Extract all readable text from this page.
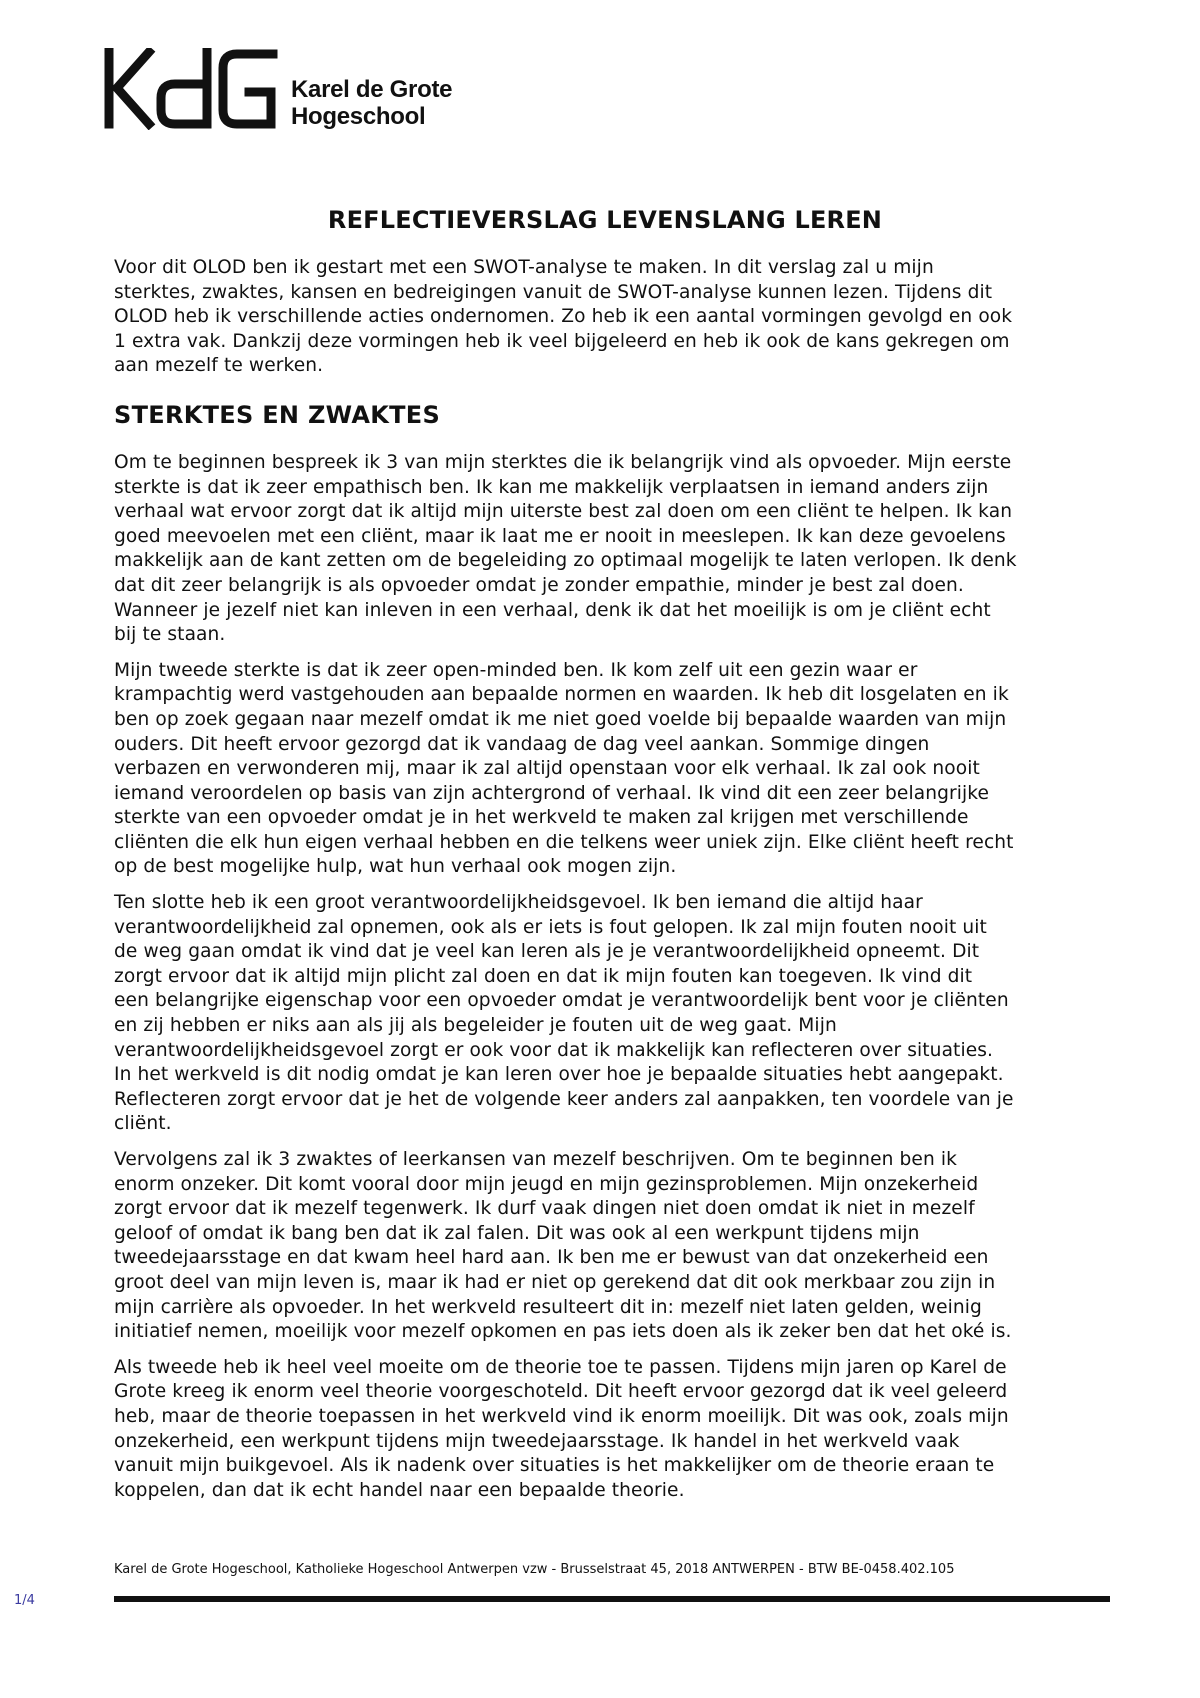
Karel de Grote
Hogeschool
REFLECTIEVERSLAG LEVENSLANG LEREN

Voor dit OLOD ben ik gestart met een SWOT-analyse te maken. In dit verslag zal u mijn
sterktes, zwaktes, kansen en bedreigingen vanuit de SWOT-analyse kunnen lezen. Tijdens dit
OLOD heb ik verschillende acties ondernomen. Zo heb ik een aantal vormingen gevolgd en ook
1 extra vak. Dankzij deze vormingen heb ik veel bijgeleerd en heb ik ook de kans gekregen om
aan mezelf te werken.

STERKTES EN ZWAKTES

Om te beginnen bespreek ik 3 van mijn sterktes die ik belangrijk vind als opvoeder. Mijn eerste
sterkte is dat ik zeer empathisch ben. Ik kan me makkelijk verplaatsen in iemand anders zijn
verhaal wat ervoor zorgt dat ik altijd mijn uiterste best zal doen om een cliënt te helpen. Ik kan
goed meevoelen met een cliënt, maar ik laat me er nooit in meeslepen. Ik kan deze gevoelens
makkelijk aan de kant zetten om de begeleiding zo optimaal mogelijk te laten verlopen. Ik denk
dat dit zeer belangrijk is als opvoeder omdat je zonder empathie, minder je best zal doen.
Wanneer je jezelf niet kan inleven in een verhaal, denk ik dat het moeilijk is om je cliënt echt
bij te staan.

Mijn tweede sterkte is dat ik zeer open-minded ben. Ik kom zelf uit een gezin waar er
krampachtig werd vastgehouden aan bepaalde normen en waarden. Ik heb dit losgelaten en ik
ben op zoek gegaan naar mezelf omdat ik me niet goed voelde bij bepaalde waarden van mijn
ouders. Dit heeft ervoor gezorgd dat ik vandaag de dag veel aankan. Sommige dingen
verbazen en verwonderen mij, maar ik zal altijd openstaan voor elk verhaal. Ik zal ook nooit
iemand veroordelen op basis van zijn achtergrond of verhaal. Ik vind dit een zeer belangrijke
sterkte van een opvoeder omdat je in het werkveld te maken zal krijgen met verschillende
cliënten die elk hun eigen verhaal hebben en die telkens weer uniek zijn. Elke cliënt heeft recht
op de best mogelijke hulp, wat hun verhaal ook mogen zijn.

Ten slotte heb ik een groot verantwoordelijkheidsgevoel. Ik ben iemand die altijd haar
verantwoordelijkheid zal opnemen, ook als er iets is fout gelopen. Ik zal mijn fouten nooit uit
de weg gaan omdat ik vind dat je veel kan leren als je je verantwoordelijkheid opneemt. Dit
zorgt ervoor dat ik altijd mijn plicht zal doen en dat ik mijn fouten kan toegeven. Ik vind dit
een belangrijke eigenschap voor een opvoeder omdat je verantwoordelijk bent voor je cliënten
en zij hebben er niks aan als jij als begeleider je fouten uit de weg gaat. Mijn
verantwoordelijkheidsgevoel zorgt er ook voor dat ik makkelijk kan reflecteren over situaties.
In het werkveld is dit nodig omdat je kan leren over hoe je bepaalde situaties hebt aangepakt.
Reflecteren zorgt ervoor dat je het de volgende keer anders zal aanpakken, ten voordele van je
cliënt.

Vervolgens zal ik 3 zwaktes of leerkansen van mezelf beschrijven. Om te beginnen ben ik
enorm onzeker. Dit komt vooral door mijn jeugd en mijn gezinsproblemen. Mijn onzekerheid
zorgt ervoor dat ik mezelf tegenwerk. Ik durf vaak dingen niet doen omdat ik niet in mezelf
geloof of omdat ik bang ben dat ik zal falen. Dit was ook al een werkpunt tijdens mijn
tweedejaarsstage en dat kwam heel hard aan. Ik ben me er bewust van dat onzekerheid een
groot deel van mijn leven is, maar ik had er niet op gerekend dat dit ook merkbaar zou zijn in
mijn carrière als opvoeder. In het werkveld resulteert dit in: mezelf niet laten gelden, weinig
initiatief nemen, moeilijk voor mezelf opkomen en pas iets doen als ik zeker ben dat het oké is.

Als tweede heb ik heel veel moeite om de theorie toe te passen. Tijdens mijn jaren op Karel de
Grote kreeg ik enorm veel theorie voorgeschoteld. Dit heeft ervoor gezorgd dat ik veel geleerd
heb, maar de theorie toepassen in het werkveld vind ik enorm moeilijk. Dit was ook, zoals mijn
onzekerheid, een werkpunt tijdens mijn tweedejaarsstage. Ik handel in het werkveld vaak
vanuit mijn buikgevoel. Als ik nadenk over situaties is het makkelijker om de theorie eraan te
koppelen, dan dat ik echt handel naar een bepaalde theorie.

Karel de Grote Hogeschool, Katholieke Hogeschool Antwerpen vzw - Brusselstraat 45, 2018 ANTWERPEN - BTW BE-0458.402.105
1/4
